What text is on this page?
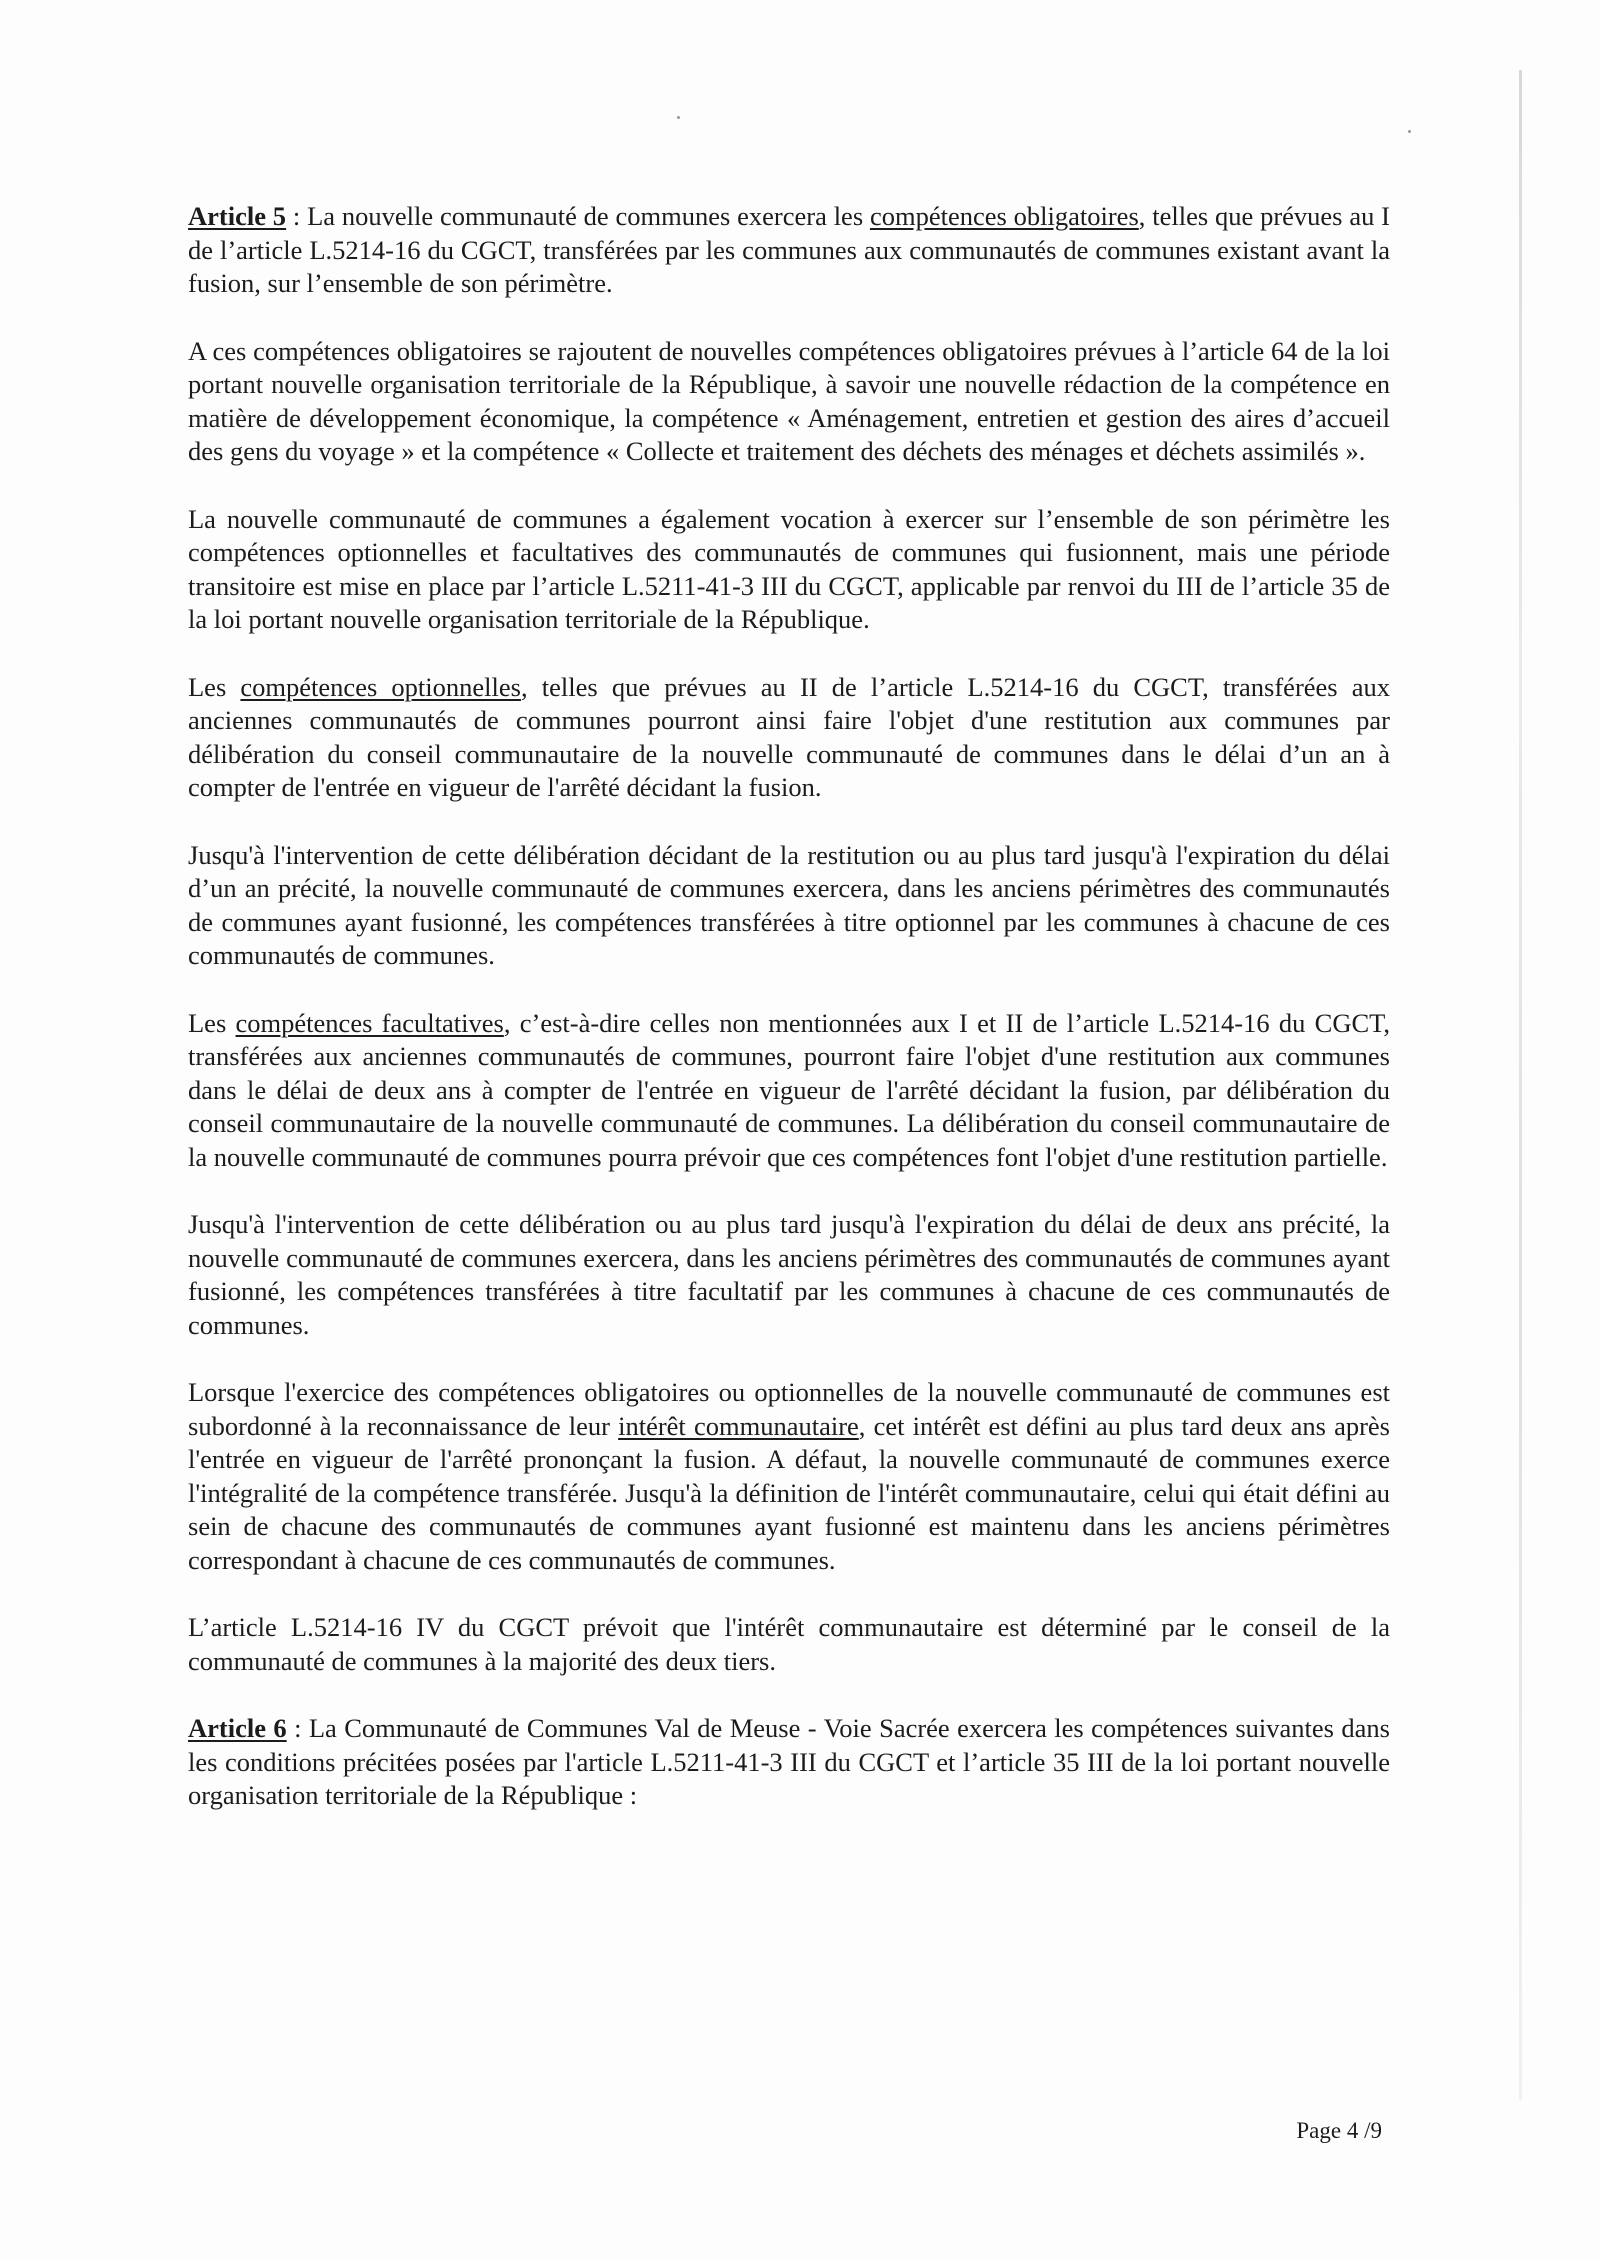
Article 5 : La nouvelle communauté de communes exercera les compétences obligatoires, telles que prévues au I de l’article L.5214-16 du CGCT, transférées par les communes aux communautés de communes existant avant la fusion, sur l’ensemble de son périmètre.

A ces compétences obligatoires se rajoutent de nouvelles compétences obligatoires prévues à l’article 64 de la loi portant nouvelle organisation territoriale de la République, à savoir une nouvelle rédaction de la compétence en matière de développement économique, la compétence « Aménagement, entretien et gestion des aires d’accueil des gens du voyage » et la compétence « Collecte et traitement des déchets des ménages et déchets assimilés ».

La nouvelle communauté de communes a également vocation à exercer sur l’ensemble de son périmètre les compétences optionnelles et facultatives des communautés de communes qui fusionnent, mais une période transitoire est mise en place par l’article L.5211-41-3 III du CGCT, applicable par renvoi du III de l’article 35 de la loi portant nouvelle organisation territoriale de la République.

Les compétences optionnelles, telles que prévues au II de l’article L.5214-16 du CGCT, transférées aux anciennes communautés de communes pourront ainsi faire l'objet d'une restitution aux communes par délibération du conseil communautaire de la nouvelle communauté de communes dans le délai d’un an à compter de l'entrée en vigueur de l'arrêté décidant la fusion.

Jusqu'à l'intervention de cette délibération décidant de la restitution ou au plus tard jusqu'à l'expiration du délai d’un an précité, la nouvelle communauté de communes exercera, dans les anciens périmètres des communautés de communes ayant fusionné, les compétences transférées à titre optionnel par les communes à chacune de ces communautés de communes.

Les compétences facultatives, c’est-à-dire celles non mentionnées aux I et II de l’article L.5214-16 du CGCT, transférées aux anciennes communautés de communes, pourront faire l'objet d'une restitution aux communes dans le délai de deux ans à compter de l'entrée en vigueur de l'arrêté décidant la fusion, par délibération du conseil communautaire de la nouvelle communauté de communes. La délibération du conseil communautaire de la nouvelle communauté de communes pourra prévoir que ces compétences font l'objet d'une restitution partielle.

Jusqu'à l'intervention de cette délibération ou au plus tard jusqu'à l'expiration du délai de deux ans précité, la nouvelle communauté de communes exercera, dans les anciens périmètres des communautés de communes ayant fusionné, les compétences transférées à titre facultatif par les communes à chacune de ces communautés de communes.

Lorsque l'exercice des compétences obligatoires ou optionnelles de la nouvelle communauté de communes est subordonné à la reconnaissance de leur intérêt communautaire, cet intérêt est défini au plus tard deux ans après l'entrée en vigueur de l'arrêté prononçant la fusion. A défaut, la nouvelle communauté de communes exerce l'intégralité de la compétence transférée. Jusqu'à la définition de l'intérêt communautaire, celui qui était défini au sein de chacune des communautés de communes ayant fusionné est maintenu dans les anciens périmètres correspondant à chacune de ces communautés de communes.

L’article L.5214-16 IV du CGCT prévoit que l'intérêt communautaire est déterminé par le conseil de la communauté de communes à la majorité des deux tiers.

Article 6 : La Communauté de Communes Val de Meuse - Voie Sacrée exercera les compétences suivantes dans les conditions précitées posées par l'article L.5211-41-3 III du CGCT et l’article 35 III de la loi portant nouvelle organisation territoriale de la République :

Page 4 /9
